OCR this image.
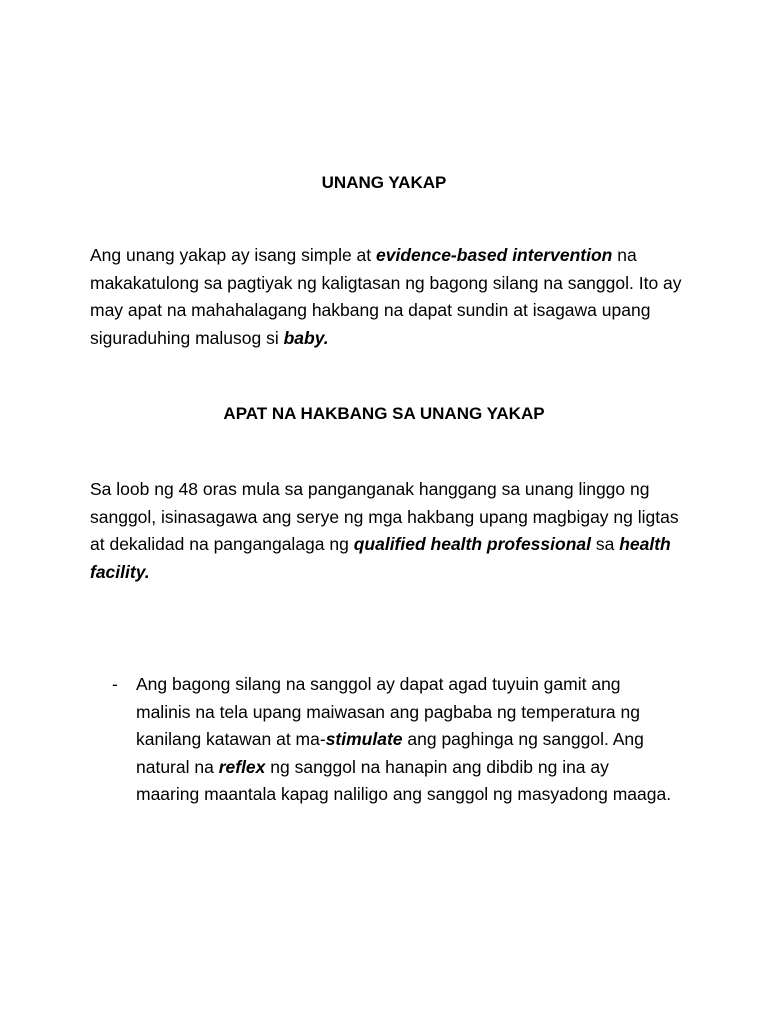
UNANG YAKAP

Ang unang yakap ay isang simple at evidence-based intervention na makakatulong sa pagtiyak ng kaligtasan ng bagong silang na sanggol. Ito ay may apat na mahahalagang hakbang na dapat sundin at isagawa upang siguraduhing malusog si baby.

APAT NA HAKBANG SA UNANG YAKAP

Sa loob ng 48 oras mula sa panganganak hanggang sa unang linggo ng sanggol, isinasagawa ang serye ng mga hakbang upang magbigay ng ligtas at dekalidad na pangangalaga ng qualified health professional sa health facility.

- Ang bagong silang na sanggol ay dapat agad tuyuin gamit ang malinis na tela upang maiwasan ang pagbaba ng temperatura ng kanilang katawan at ma-stimulate ang paghinga ng sanggol. Ang natural na reflex ng sanggol na hanapin ang dibdib ng ina ay maaring maantala kapag naliligo ang sanggol ng masyadong maaga.
